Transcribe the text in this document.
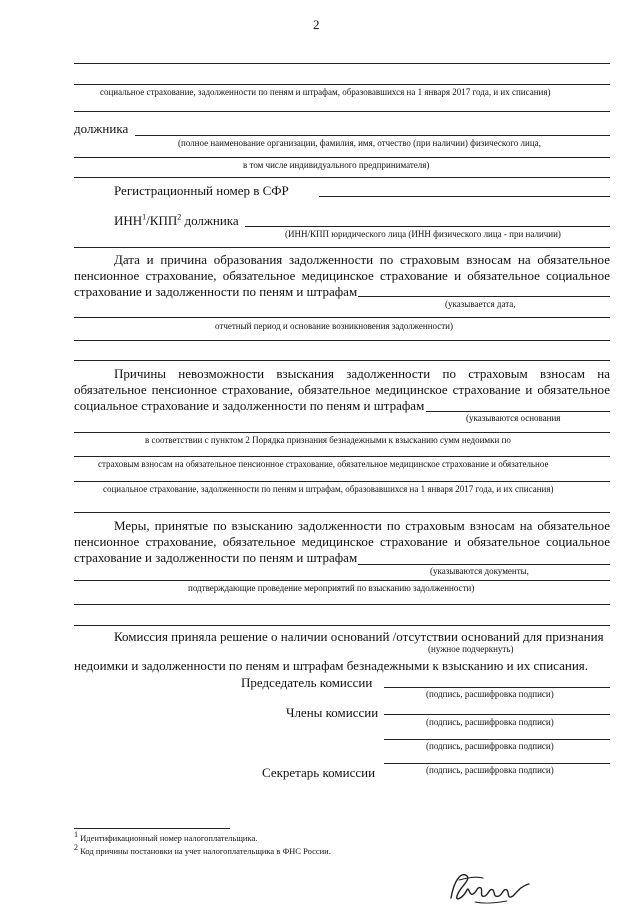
2
социальное страхование, задолженности по пеням и штрафам, образовавшихся на 1 января 2017 года, и их списания)
должника
(полное наименование организации, фамилия, имя, отчество (при наличии) физического лица,
в том числе индивидуального предпринимателя)
Регистрационный номер в СФР
ИНН$^1$/КПП$^2$ должника
(ИНН/КПП юридического лица (ИНН физического лица - при наличии)
Дата и причина образования задолженности по страховым взносам на обязательное пенсионное страхование, обязательное медицинское страхование и обязательное социальное страхование и задолженности по пеням и штрафам
(указывается дата,
отчетный период и основание возникновения задолженности)
Причины невозможности взыскания задолженности по страховым взносам на обязательное пенсионное страхование, обязательное медицинское страхование и обязательное социальное страхование и задолженности по пеням и штрафам
(указываются основания
в соответствии с пунктом 2 Порядка признания безнадежными к взысканию сумм недоимки по
страховым взносам на обязательное пенсионное страхование, обязательное медицинское страхование и обязательное
социальное страхование, задолженности по пеням и штрафам, образовавшихся на 1 января 2017 года, и их списания)
Меры, принятые по взысканию задолженности по страховым взносам на обязательное пенсионное страхование, обязательное медицинское страхование и обязательное социальное страхование и задолженности по пеням и штрафам
(указываются документы,
подтверждающие проведение мероприятий по взысканию задолженности)
Комиссия приняла решение о наличии оснований /отсутствии оснований для признания
(нужное подчеркнуть)
недоимки и задолженности по пеням и штрафам безнадежными к взысканию и их списания.
Председатель комиссии
(подпись, расшифровка подписи)
Члены комиссии
(подпись, расшифровка подписи)
(подпись, расшифровка подписи)
Секретарь комиссии	(подпись, расшифровка подписи)
1 Идентификационный номер налогоплательщика.
2 Код причины постановки на учет налогоплательщика в ФНС России.
